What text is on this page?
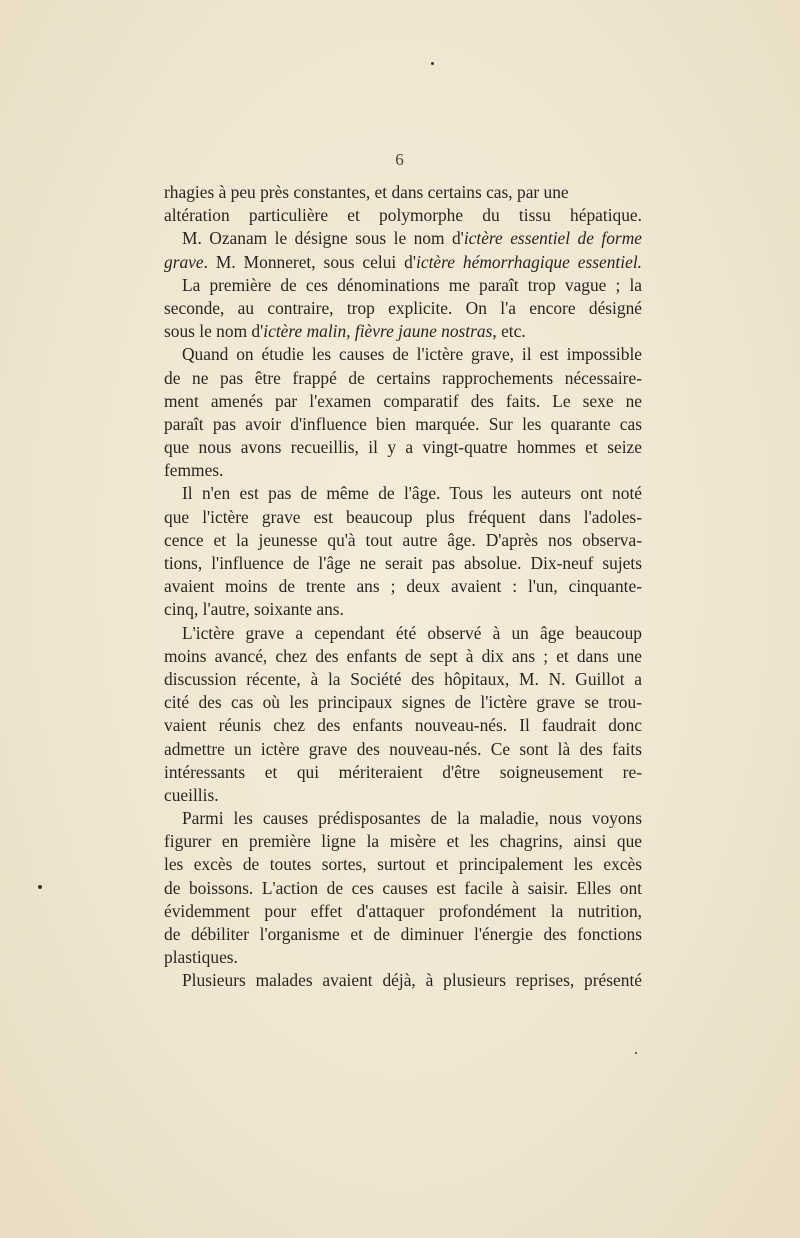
6
rhagies à peu près constantes, et dans certains cas, par une
altération particulière et polymorphe du tissu hépatique.
M. Ozanam le désigne sous le nom d'ictère essentiel de forme
grave. M. Monneret, sous celui d'ictère hémorrhagique essentiel.
La première de ces dénominations me paraît trop vague ; la
seconde, au contraire, trop explicite. On l'a encore désigné
sous le nom d'ictère malin, fièvre jaune nostras, etc.
Quand on étudie les causes de l'ictère grave, il est impossible
de ne pas être frappé de certains rapprochements nécessaire-
ment amenés par l'examen comparatif des faits. Le sexe ne
paraît pas avoir d'influence bien marquée. Sur les quarante cas
que nous avons recueillis, il y a vingt-quatre hommes et seize
femmes.
Il n'en est pas de même de l'âge. Tous les auteurs ont noté
que l'ictère grave est beaucoup plus fréquent dans l'adoles-
cence et la jeunesse qu'à tout autre âge. D'après nos observa-
tions, l'influence de l'âge ne serait pas absolue. Dix-neuf sujets
avaient moins de trente ans ; deux avaient : l'un, cinquante-
cinq, l'autre, soixante ans.
L'ictère grave a cependant été observé à un âge beaucoup
moins avancé, chez des enfants de sept à dix ans ; et dans une
discussion récente, à la Société des hôpitaux, M. N. Guillot a
cité des cas où les principaux signes de l'ictère grave se trou-
vaient réunis chez des enfants nouveau-nés. Il faudrait donc
admettre un ictère grave des nouveau-nés. Ce sont là des faits
intéressants et qui mériteraient d'être soigneusement re-
cueillis.
Parmi les causes prédisposantes de la maladie, nous voyons
figurer en première ligne la misère et les chagrins, ainsi que
les excès de toutes sortes, surtout et principalement les excès
de boissons. L'action de ces causes est facile à saisir. Elles ont
évidemment pour effet d'attaquer profondément la nutrition,
de débiliter l'organisme et de diminuer l'énergie des fonctions
plastiques.
Plusieurs malades avaient déjà, à plusieurs reprises, présenté
